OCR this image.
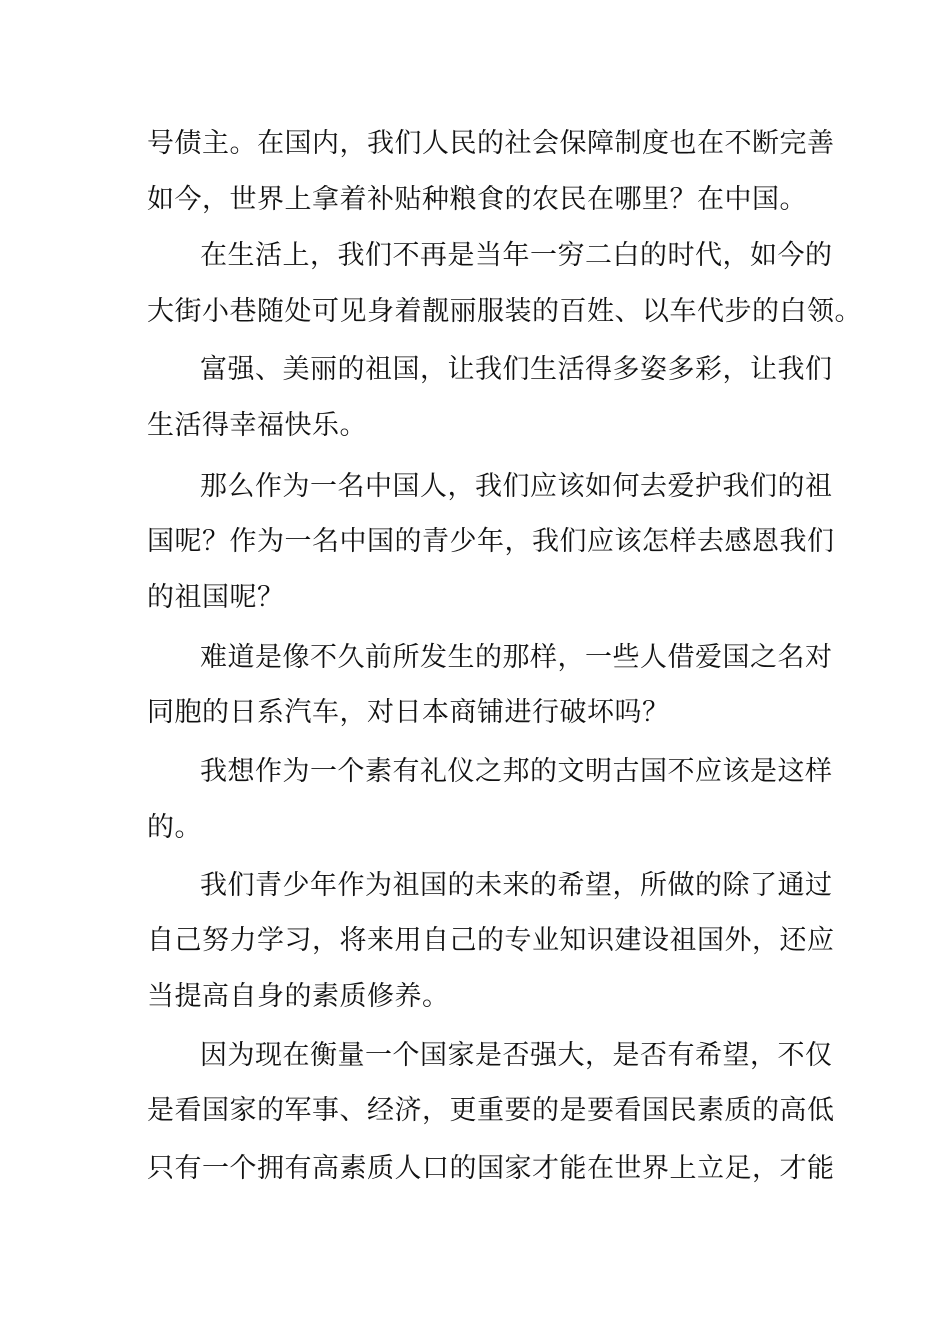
号债主。在国内，我们人民的社会保障制度也在不断完善
如今，世界上拿着补贴种粮食的农民在哪里？在中国。
在生活上，我们不再是当年一穷二白的时代，如今的
大街小巷随处可见身着靓丽服装的百姓、以车代步的白领。
富强、美丽的祖国，让我们生活得多姿多彩，让我们
生活得幸福快乐。
那么作为一名中国人，我们应该如何去爱护我们的祖
国呢？作为一名中国的青少年，我们应该怎样去感恩我们
的祖国呢？
难道是像不久前所发生的那样，一些人借爱国之名对
同胞的日系汽车，对日本商铺进行破坏吗？
我想作为一个素有礼仪之邦的文明古国不应该是这样
的。
我们青少年作为祖国的未来的希望，所做的除了通过
自己努力学习，将来用自己的专业知识建设祖国外，还应
当提高自身的素质修养。
因为现在衡量一个国家是否强大，是否有希望，不仅
是看国家的军事、经济，更重要的是要看国民素质的高低
只有一个拥有高素质人口的国家才能在世界上立足，才能
